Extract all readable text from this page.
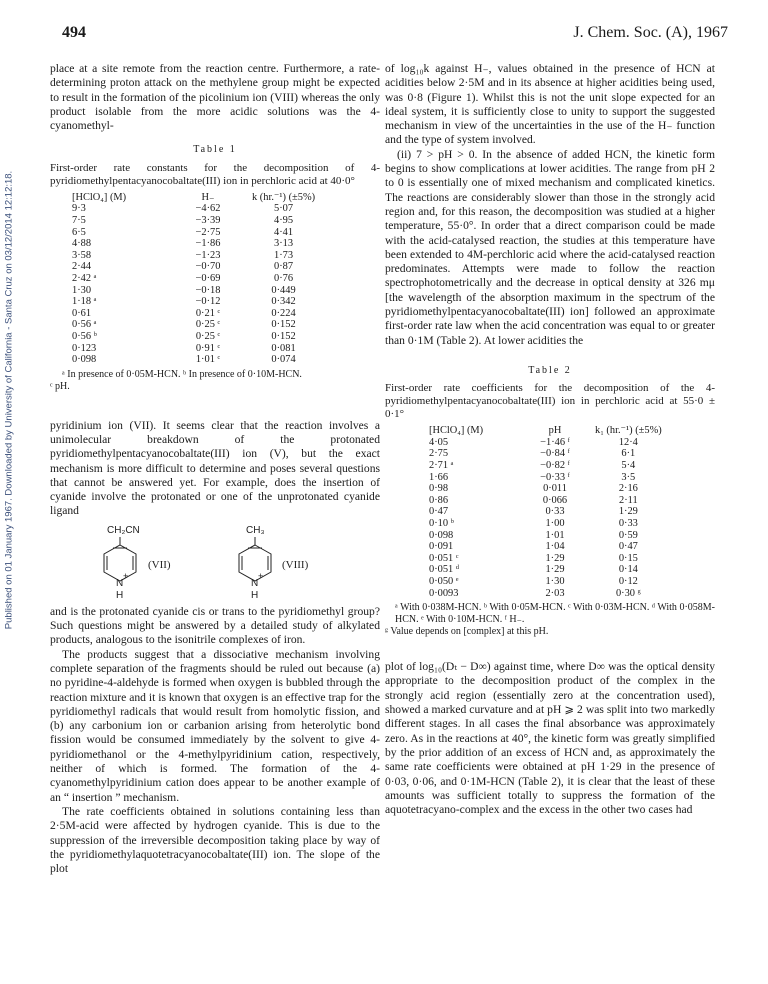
Published on 01 January 1967. Downloaded by University of California - Santa Cruz on 03/12/2014 12:12:18.
494	J. Chem. Soc. (A), 1967

place at a site remote from the reaction centre. Furthermore, a rate-determining proton attack on the methylene group might be expected to result in the formation of the picolinium ion (VIII) whereas the only product isolable from the more acidic solutions was the 4-cyanomethyl-

Table 1

First-order rate constants for the decomposition of 4-pyridiomethylpentacyanocobaltate(III) ion in perchloric acid at 40·0°

[HClO₄] (M)	H₋	k (hr.⁻¹) (±5%)
9·3	−4·62	5·07
7·5	−3·39	4·95
6·5	−2·75	4·41
4·88	−1·86	3·13
3·58	−1·23	1·73
2·44	−0·70	0·87
2·42 ᵃ	−0·69	0·76
1·30	−0·18	0·449
1·18 ᵃ	−0·12	0·342
0·61	0·21 ᶜ	0·224
0·56 ᵃ	0·25 ᶜ	0·152
0·56 ᵇ	0·25 ᶜ	0·152
0·123	0·91 ᶜ	0·081
0·098	1·01 ᶜ	0·074

ᵃ In presence of 0·05M-HCN. ᵇ In presence of 0·10M-HCN.

ᶜ pH.

pyridinium ion (VII). It seems clear that the reaction involves a unimolecular breakdown of the protonated pyridiomethylpentacyanocobaltate(III) ion (V), but the exact mechanism is more difficult to determine and poses several questions that cannot be answered yet. For example, does the insertion of cyanide involve the protonated or one of the unprotonated cyanide ligand

CH₂CN
N
+
H
(VII)
CH₃
N
+
H
(VIII)

and is the protonated cyanide cis or trans to the pyridiomethyl group? Such questions might be answered by a detailed study of alkylated products, analogous to the isonitrile complexes of iron.

The products suggest that a dissociative mechanism involving complete separation of the fragments should be ruled out because (a) no pyridine-4-aldehyde is formed when oxygen is bubbled through the reaction mixture and it is known that oxygen is an effective trap for the pyridiomethyl radicals that would result from homolytic fission, and (b) any carbonium ion or carbanion arising from heterolytic bond fission would be consumed immediately by the solvent to give 4-pyridiomethanol or the 4-methylpyridinium cation, respectively, neither of which is formed. The formation of the 4-cyanomethylpyridinium cation does appear to be another example of an “ insertion ” mechanism.

The rate coefficients obtained in solutions containing less than 2·5M-acid were affected by hydrogen cyanide. This is due to the suppression of the irreversible decomposition taking place by way of the pyridiomethylaquotetracyanocobaltate(III) ion. The slope of the plot

of log₁₀k against H₋, values obtained in the presence of HCN at acidities below 2·5M and in its absence at higher acidities being used, was 0·8 (Figure 1). Whilst this is not the unit slope expected for an ideal system, it is sufficiently close to unity to support the suggested mechanism in view of the uncertainties in the use of the H₋ function and the type of system involved.

(ii) 7 > pH > 0. In the absence of added HCN, the kinetic form begins to show complications at lower acidities. The range from pH 2 to 0 is essentially one of mixed mechanism and complicated kinetics. The reactions are considerably slower than those in the strongly acid region and, for this reason, the decomposition was studied at a higher temperature, 55·0°. In order that a direct comparison could be made with the acid-catalysed reaction, the studies at this temperature have been extended to 4M-perchloric acid where the acid-catalysed reaction predominates. Attempts were made to follow the reaction spectrophotometrically and the decrease in optical density at 326 mμ [the wavelength of the absorption maximum in the spectrum of the pyridiomethylpentacyanocobaltate(III) ion] followed an approximate first-order rate law when the acid concentration was equal to or greater than 0·1M (Table 2). At lower acidities the

Table 2

First-order rate coefficients for the decomposition of the 4-pyridiomethylpentacyanocobaltate(III) ion in perchloric acid at 55·0 ± 0·1°

[HClO₄] (M)	pH	k₁ (hr.⁻¹) (±5%)
4·05	−1·46 ᶠ	12·4
2·75	−0·84 ᶠ	6·1
2·71 ᵃ	−0·82 ᶠ	5·4
1·66	−0·33 ᶠ	3·5
0·98	0·011	2·16
0·86	0·066	2·11
0·47	0·33	1·29
0·10 ᵇ	1·00	0·33
0·098	1·01	0·59
0·091	1·04	0·47
0·051 ᶜ	1·29	0·15
0·051 ᵈ	1·29	0·14
0·050 ᵉ	1·30	0·12
0·0093	2·03	0·30 ᵍ

ᵃ With 0·038M-HCN. ᵇ With 0·05M-HCN. ᶜ With 0·03M-HCN. ᵈ With 0·058M-HCN. ᵉ With 0·10M-HCN. ᶠ H₋.

ᵍ Value depends on [complex] at this pH.

plot of log₁₀(Dₜ − D∞) against time, where D∞ was the optical density appropriate to the decomposition product of the complex in the strongly acid region (essentially zero at the concentration used), showed a marked curvature and at pH ⩾ 2 was split into two markedly different stages. In all cases the final absorbance was approximately zero. As in the reactions at 40°, the kinetic form was greatly simplified by the prior addition of an excess of HCN and, as approximately the same rate coefficients were obtained at pH 1·29 in the presence of 0·03, 0·06, and 0·1M-HCN (Table 2), it is clear that the least of these amounts was sufficient totally to suppress the formation of the aquotetracyano-complex and the excess in the other two cases had
